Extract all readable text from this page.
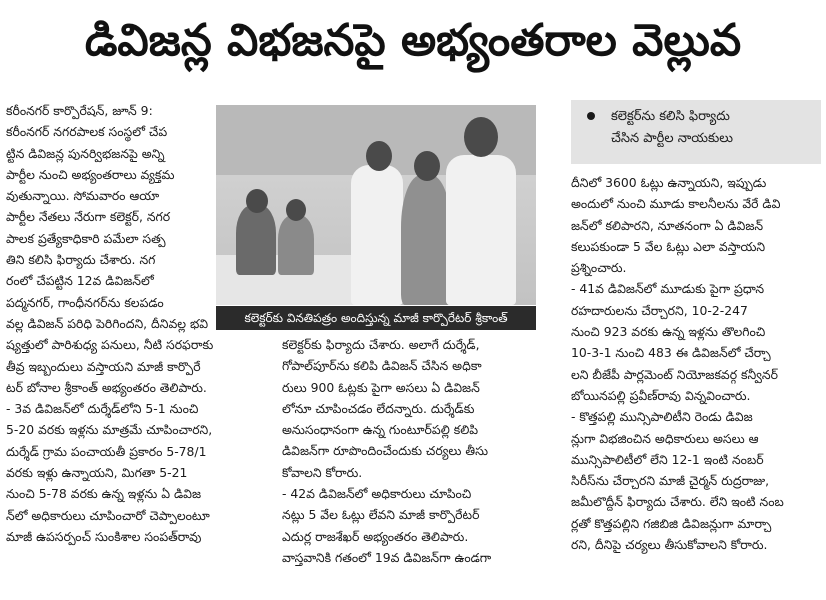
డివిజన్ల విభజనపై అభ్యంతరాల వెల్లువ
కలెక్టర్‌కు వినతిపత్రం అందిస్తున్న మాజీ కార్పొరేటర్ శ్రీకాంత్
కలెక్టర్‌ను కలిసి ఫిర్యాదు
చేసిన పార్టీల నాయకులు

కరీంనగర్ కార్పొరేషన్, జూన్ 9:

కరీంనగర్ నగరపాలక సంస్థలో చేప

ట్టిన డివిజన్ల పునర్విభజనపై అన్ని

పార్టీల నుంచి అభ్యంతరాలు వ్యక్తమ

వుతున్నాయి. సోమవారం ఆయా

పార్టీల నేతలు నేరుగా కలెక్టర్, నగర

పాలక ప్రత్యేకాధికారి పమేలా సత్ప

తిని కలిసి ఫిర్యాదు చేశారు. నగ

రంలో చేపట్టిన 12వ డివిజన్‌లో

పద్మనగర్, గాంధీనగర్‌ను కలపడం

వల్ల డివిజన్ పరిధి పెరిగిందని, దీనివల్ల భవి

ష్యత్తులో పారిశుధ్య పనులు, నీటి సరఫరాకు

తీవ్ర ఇబ్బందులు వస్తాయని మాజీ కార్పొరే

టర్ బోనాల శ్రీకాంత్ అభ్యంతరం తెలిపారు.

- 3వ డివిజన్‌లో దుర్శేడ్‌లోని 5-1 నుంచి

5-20 వరకు ఇళ్లను మాత్రమే చూపించారని,

దుర్శేడ్ గ్రామ పంచాయతీ ప్రకారం 5-78/1

వరకు ఇళ్లు ఉన్నాయని, మిగతా 5-21

నుంచి 5-78 వరకు ఉన్న ఇళ్లను ఏ డివిజ

న్‌లో అధికారులు చూపించారో చెప్పాలంటూ

మాజీ ఉపసర్పంచ్ సుంకిశాల సంపత్‌రావు

కలెక్టర్‌కు ఫిర్యాదు చేశారు. అలాగే దుర్శేడ్,

గోపాల్‌పూర్‌ను కలిపి డివిజన్ చేసిన అధికా

రులు 900 ఓట్లకు పైగా అసలు ఏ డివిజన్

లోనూ చూపించడం లేదన్నారు. దుర్శేడ్‌కు

అనుసంధానంగా ఉన్న గుంటూర్‌పల్లి కలిపి

డివిజన్‌గా రూపొందించేందుకు చర్యలు తీసు

కోవాలని కోరారు.

- 42వ డివిజన్‌లో అధికారులు చూపించి

నట్లు 5 వేల ఓట్లు లేవని మాజీ కార్పొరేటర్

ఎదుర్ల రాజశేఖర్ అభ్యంతరం తెలిపారు.

వాస్తవానికి గతంలో 19వ డివిజన్‌గా ఉండగా

దీనిలో 3600 ఓట్లు ఉన్నాయని, ఇప్పుడు

అందులో నుంచి మూడు కాలనీలను వేరే డివి

జన్‌లో కలిపారని, నూతనంగా ఏ డివిజన్

కలుపకుండా 5 వేల ఓట్లు ఎలా వస్తాయని

ప్రశ్నించారు.

- 41వ డివిజన్‌లో మూడుకు పైగా ప్రధాన

రహదారులను చేర్చారని, 10-2-247

నుంచి 923 వరకు ఉన్న ఇళ్లను తొలగించి

10-3-1 నుంచి 483 ఈ డివిజన్‌లో చేర్చా

లని బీజేపీ పార్లమెంట్ నియోజకవర్గ కన్వీనర్

బోయినపల్లి ప్రవీణ్‌రావు విన్నవించారు.

- కొత్తపల్లి మున్సిపాలిటీని రెండు డివిజ

న్లుగా విభజించిన అధికారులు అసలు ఆ

మున్సిపాలిటీలో లేని 12-1 ఇంటి నంబర్

సిరీస్‌ను చేర్చారని మాజీ చైర్మన్ రుద్రరాజు,

జమీలొద్దీన్ ఫిర్యాదు చేశారు. లేని ఇంటి నంబ

ర్లతో కొత్తపల్లిని గజిబిజి డివిజన్లుగా మార్చా

రని, దీనిపై చర్యలు తీసుకోవాలని కోరారు.
